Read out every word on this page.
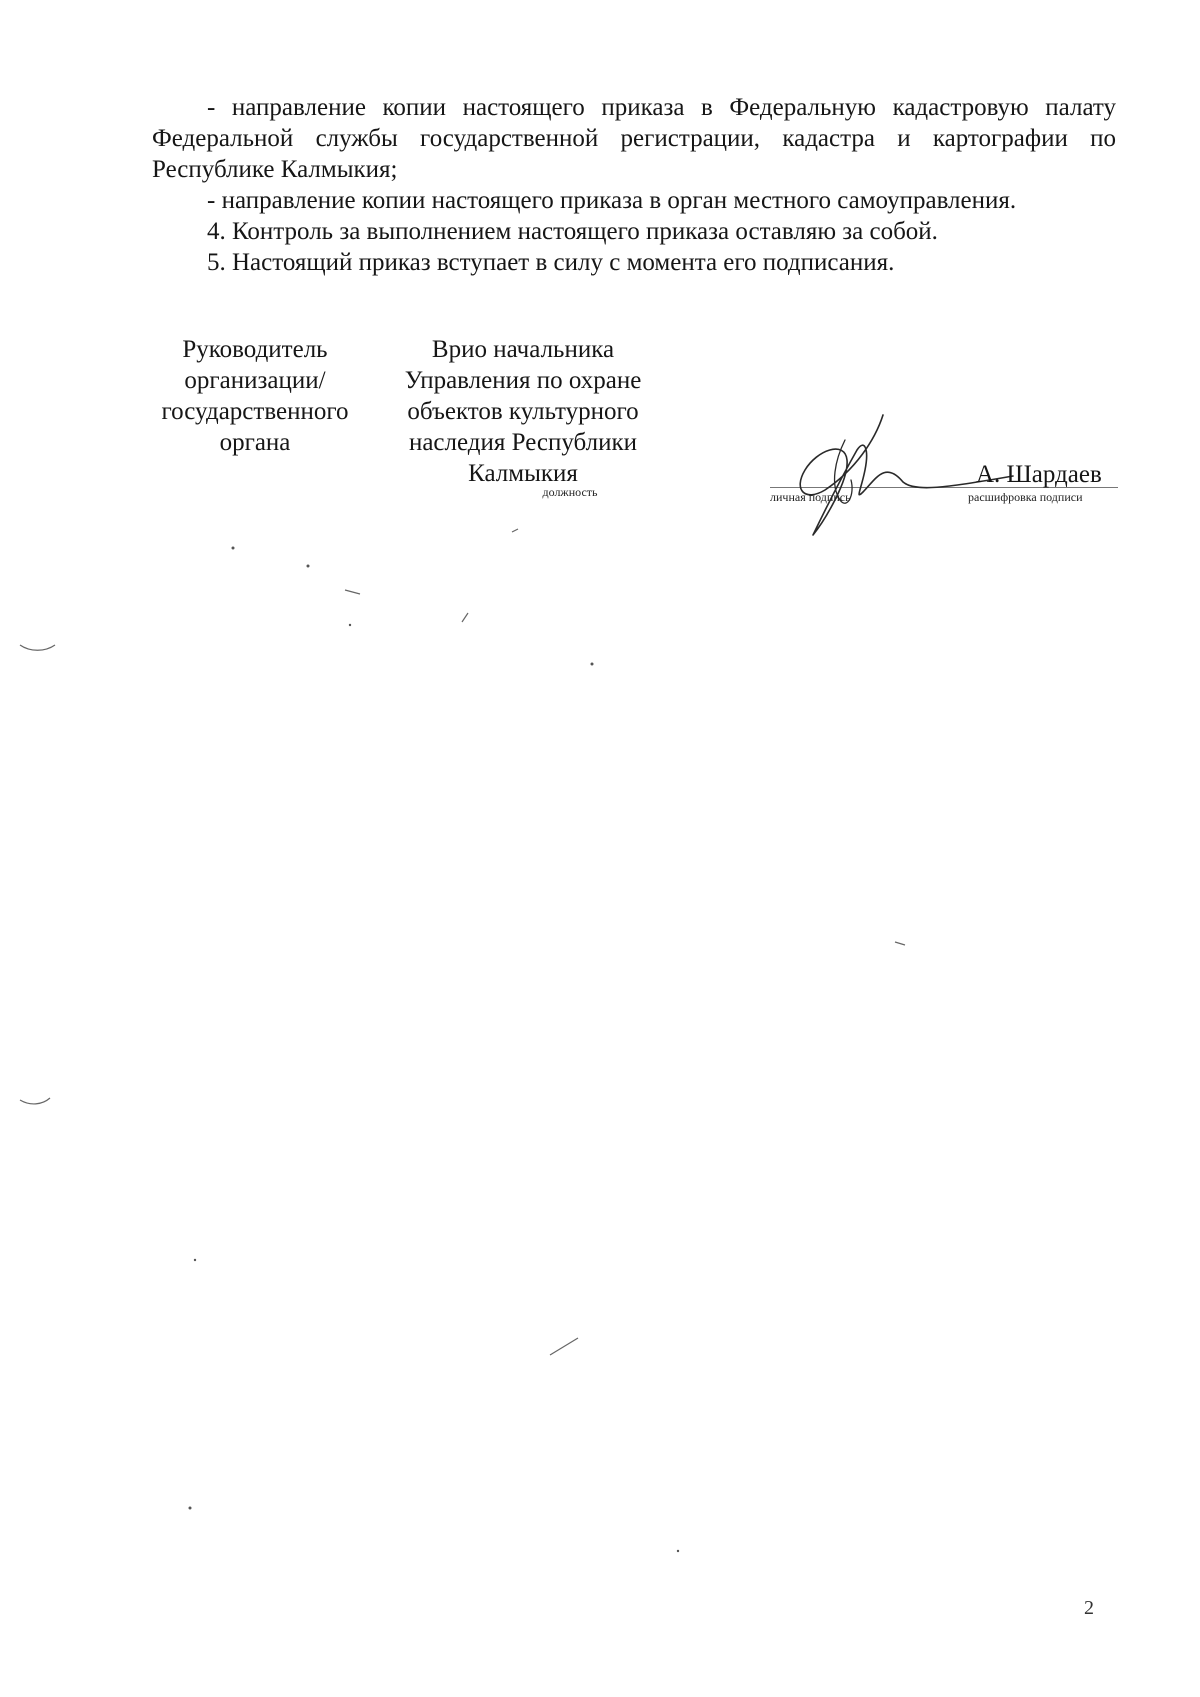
- направление копии настоящего приказа в Федеральную кадастровую палату Федеральной службы государственной регистрации, кадастра и картографии по Республике Калмыкия;

- направление копии настоящего приказа в орган местного самоуправления.

4. Контроль за выполнением настоящего приказа оставляю за собой.

5. Настоящий приказ вступает в силу с момента его подписания.

Руководитель
организации/
государственного
органа
Врио начальника
Управления по охране
объектов культурного
наследия Республики
Калмыкия
должность
А. Шардаев
личная подпись	расшифровка подписи
2
